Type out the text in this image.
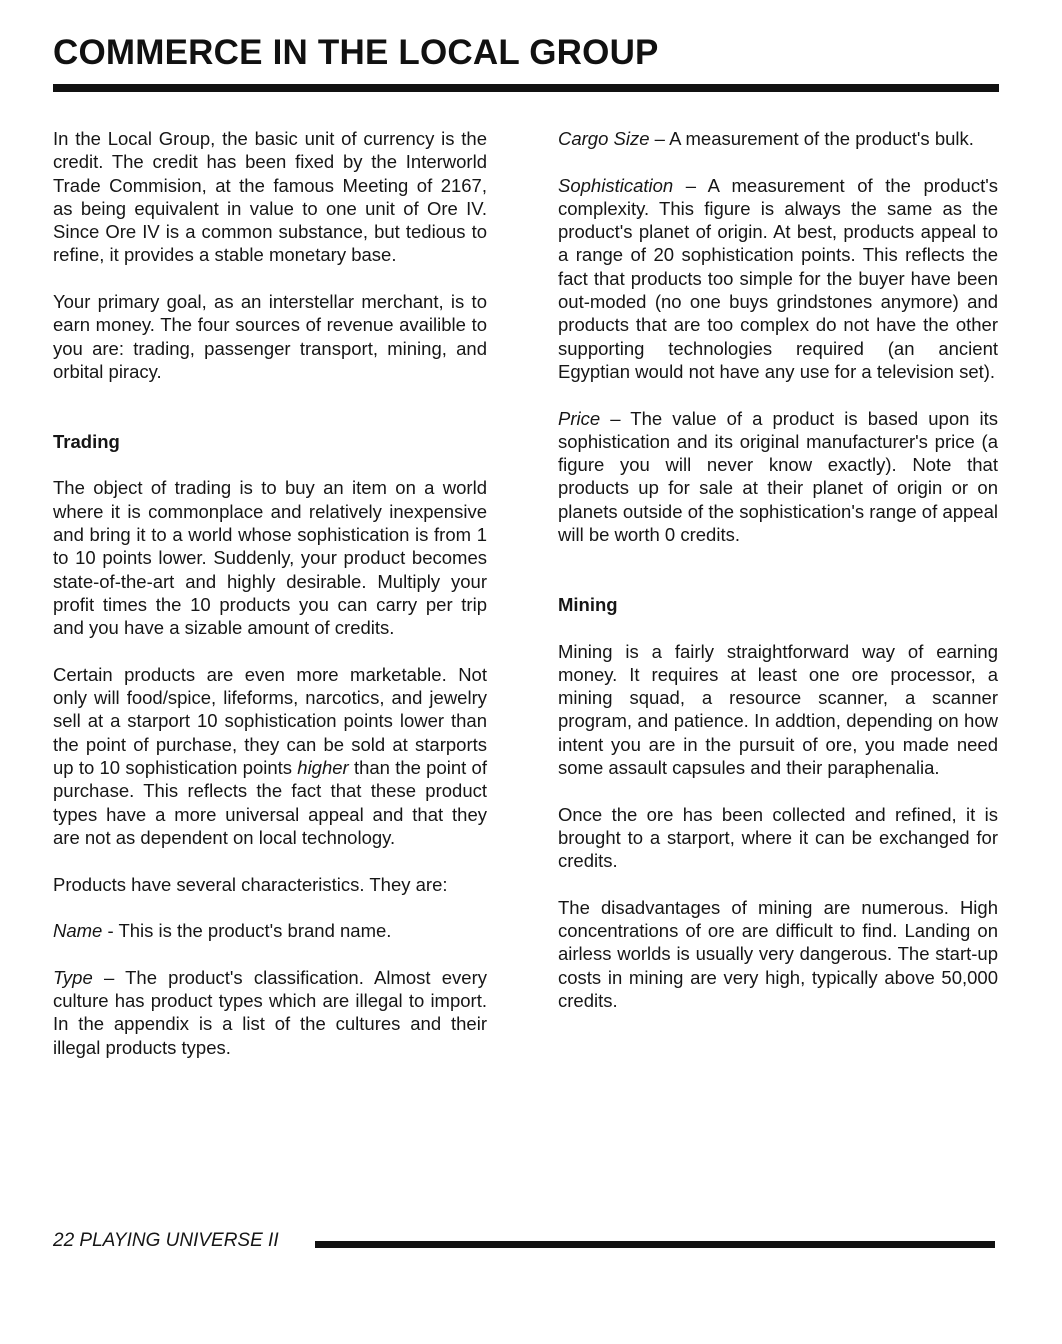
COMMERCE IN THE LOCAL GROUP

In the Local Group, the basic unit of currency is the credit. The credit has been fixed by the Interworld Trade Commision, at the famous Meeting of 2167, as being equivalent in value to one unit of Ore IV. Since Ore IV is a common substance, but tedious to refine, it provides a stable monetary base.

Your primary goal, as an interstellar merchant, is to earn money. The four sources of revenue availible to you are: trading, passenger transport, mining, and orbital piracy.

Trading

The object of trading is to buy an item on a world where it is commonplace and relatively inexpensive and bring it to a world whose sophistication is from 1 to 10 points lower. Suddenly, your product becomes state-of-the-art and highly desirable. Multiply your profit times the 10 products you can carry per trip and you have a sizable amount of credits.

Certain products are even more marketable. Not only will food/spice, lifeforms, narcotics, and jewelry sell at a starport 10 sophistication points lower than the point of purchase, they can be sold at starports up to 10 sophistication points higher than the point of purchase. This reflects the fact that these product types have a more universal appeal and that they are not as dependent on local technology.

Products have several characteristics. They are:

Name - This is the product's brand name.

Type – The product's classification. Almost every culture has product types which are illegal to import. In the appendix is a list of the cultures and their illegal products types.

Cargo Size – A measurement of the product's bulk.

Sophistication – A measurement of the product's complexity. This figure is always the same as the product's planet of origin. At best, products appeal to a range of 20 sophistication points. This reflects the fact that products too simple for the buyer have been out-moded (no one buys grindstones anymore) and products that are too complex do not have the other supporting technologies required (an ancient Egyptian would not have any use for a television set).

Price – The value of a product is based upon its sophistication and its original manufacturer's price (a figure you will never know exactly). Note that products up for sale at their planet of origin or on planets outside of the sophistication's range of appeal will be worth 0 credits.

Mining

Mining is a fairly straightforward way of earning money. It requires at least one ore processor, a mining squad, a resource scanner, a scanner program, and patience. In addtion, depending on how intent you are in the pursuit of ore, you made need some assault capsules and their paraphenalia.

Once the ore has been collected and refined, it is brought to a starport, where it can be exchanged for credits.

The disadvantages of mining are numerous. High concentrations of ore are difficult to find. Landing on airless worlds is usually very dangerous. The start-up costs in mining are very high, typically above 50,000 credits.

22 PLAYING UNIVERSE II
